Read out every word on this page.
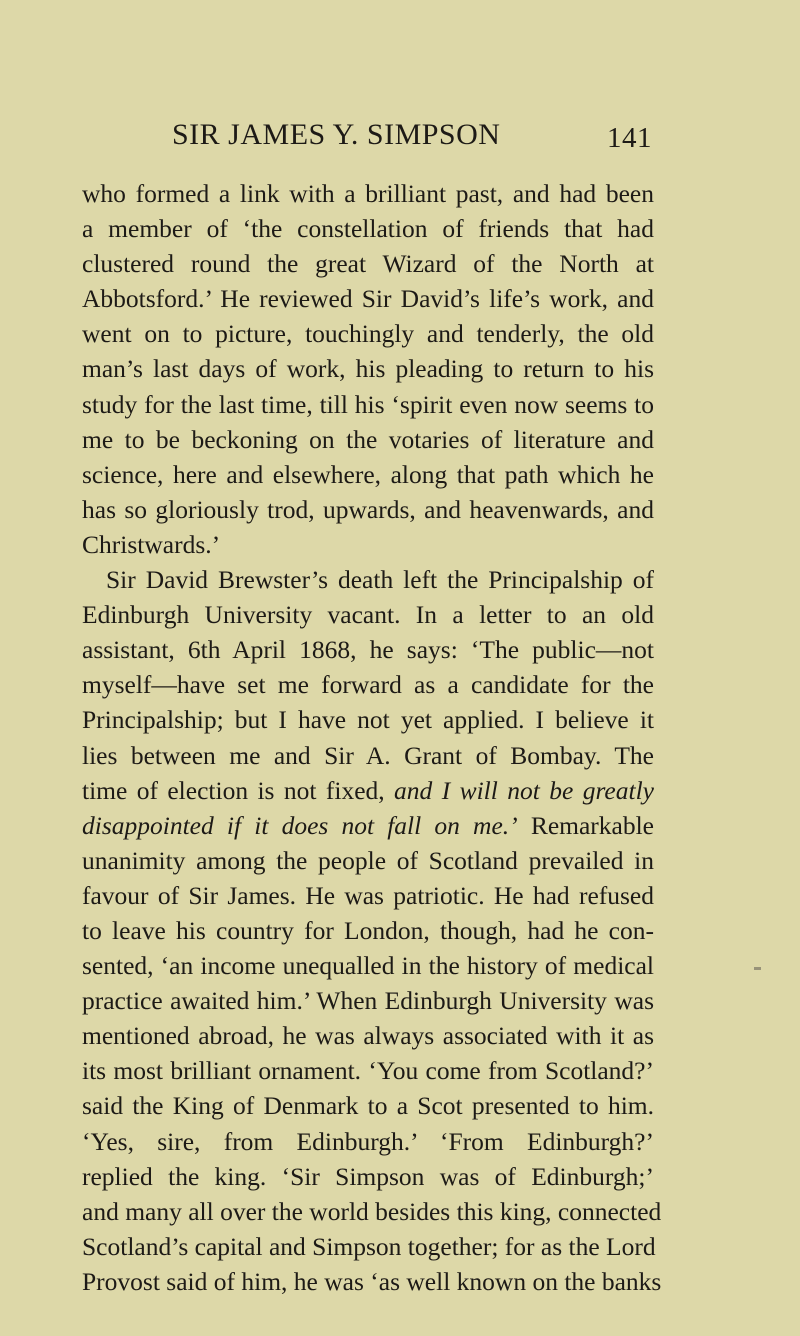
SIR JAMES Y. SIMPSON	141
who formed a link with a brilliant past, and had been
a member of ‘the constellation of friends that had
clustered round the great Wizard of the North at
Abbotsford.’ He reviewed Sir David’s life’s work, and
went on to picture, touchingly and tenderly, the old
man’s last days of work, his pleading to return to his
study for the last time, till his ‘spirit even now seems to
me to be beckoning on the votaries of literature and
science, here and elsewhere, along that path which he
has so gloriously trod, upwards, and heavenwards, and
Christwards.’
Sir David Brewster’s death left the Principalship of
Edinburgh University vacant. In a letter to an old
assistant, 6th April 1868, he says: ‘The public—not
myself—have set me forward as a candidate for the
Principalship; but I have not yet applied. I believe it
lies between me and Sir A. Grant of Bombay. The
time of election is not fixed, and I will not be greatly
disappointed if it does not fall on me.’ Remarkable
unanimity among the people of Scotland prevailed in
favour of Sir James. He was patriotic. He had refused
to leave his country for London, though, had he con-
sented, ‘an income unequalled in the history of medical
practice awaited him.’ When Edinburgh University was
mentioned abroad, he was always associated with it as
its most brilliant ornament. ‘You come from Scotland?’
said the King of Denmark to a Scot presented to him.
‘Yes, sire, from Edinburgh.’ ‘From Edinburgh?’
replied the king. ‘Sir Simpson was of Edinburgh;’
and many all over the world besides this king, connected
Scotland’s capital and Simpson together; for as the Lord
Provost said of him, he was ‘as well known on the banks
